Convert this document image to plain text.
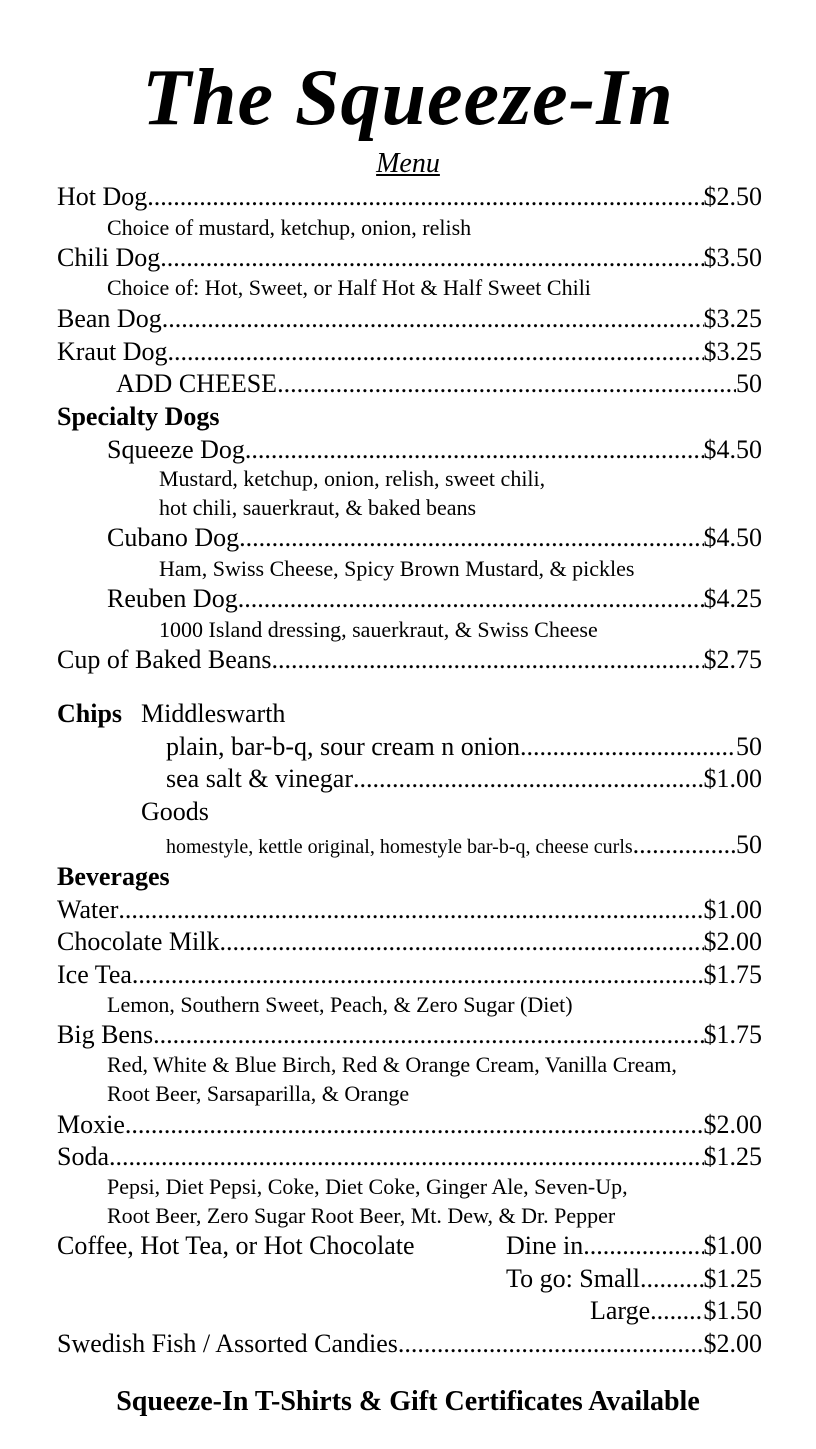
The Squeeze-In
Menu
Hot Dog .....	$2.50
Choice of mustard, ketchup, onion, relish
Chili Dog .....	$3.50
Choice of: Hot, Sweet, or Half Hot & Half Sweet Chili
Bean Dog .....	$3.25
Kraut Dog .....	$3.25
ADD CHEESE .....	50
Specialty Dogs
Squeeze Dog .....	$4.50
Mustard, ketchup, onion, relish, sweet chili,
hot chili, sauerkraut, & baked beans
Cubano Dog .....	$4.50
Ham, Swiss Cheese, Spicy Brown Mustard, & pickles
Reuben Dog .....	$4.25
1000 Island dressing, sauerkraut, & Swiss Cheese
Cup of Baked Beans .....	$2.75
Chips Middleswarth
plain, bar-b-q, sour cream n onion .....	50
sea salt & vinegar .....	$1.00
Goods
homestyle, kettle original, homestyle bar-b-q, cheese curls .....	50
Beverages
Water .....	$1.00
Chocolate Milk .....	$2.00
Ice Tea .....	$1.75
Lemon, Southern Sweet, Peach, & Zero Sugar (Diet)
Big Bens .....	$1.75
Red, White & Blue Birch, Red & Orange Cream, Vanilla Cream,
Root Beer, Sarsaparilla, & Orange
Moxie .....	$2.00
Soda .....	$1.25
Pepsi, Diet Pepsi, Coke, Diet Coke, Ginger Ale, Seven-Up,
Root Beer, Zero Sugar Root Beer, Mt. Dew, & Dr. Pepper
Coffee, Hot Tea, or Hot Chocolate	Dine in .....	$1.00
To go: Small ..... $1.25
Large ..... $1.50
Swedish Fish / Assorted Candies .....	$2.00
Squeeze-In T-Shirts & Gift Certificates Available
